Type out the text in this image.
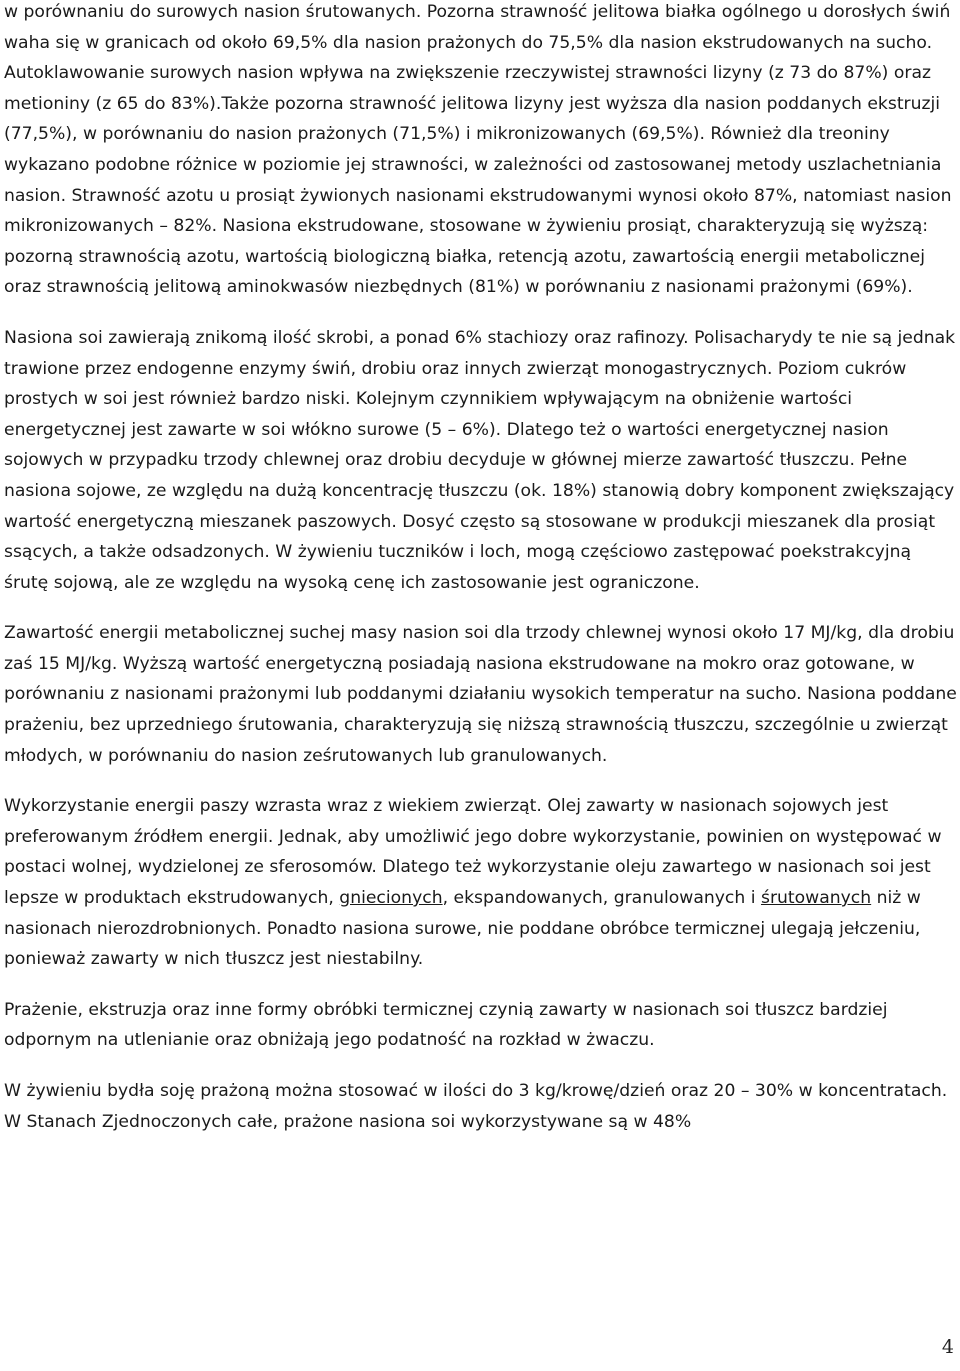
w porównaniu do surowych nasion śrutowanych. Pozorna strawność jelitowa białka ogólnego u dorosłych świń waha się w granicach od około 69,5% dla nasion prażonych do 75,5% dla nasion ekstrudowanych na sucho. Autoklawowanie surowych nasion wpływa na zwiększenie rzeczywistej strawności lizyny (z 73 do 87%) oraz metioniny (z 65 do 83%).Także pozorna strawność jelitowa lizyny jest wyższa dla nasion poddanych ekstruzji (77,5%), w porównaniu do nasion prażonych (71,5%) i mikronizowanych (69,5%). Również dla treoniny wykazano podobne różnice w poziomie jej strawności, w zależności od zastosowanej metody uszlachetniania nasion. Strawność azotu u prosiąt żywionych nasionami ekstrudowanymi wynosi około 87%, natomiast nasion mikronizowanych – 82%. Nasiona ekstrudowane, stosowane w żywieniu prosiąt, charakteryzują się wyższą: pozorną strawnością azotu, wartością biologiczną białka, retencją azotu, zawartością energii metabolicznej oraz strawnością jelitową aminokwasów niezbędnych (81%) w porównaniu z nasionami prażonymi (69%).

Nasiona soi zawierają znikomą ilość skrobi, a ponad 6% stachiozy oraz rafinozy. Polisacharydy te nie są jednak trawione przez endogenne enzymy świń, drobiu oraz innych zwierząt monogastrycznych. Poziom cukrów prostych w soi jest również bardzo niski. Kolejnym czynnikiem wpływającym na obniżenie wartości energetycznej jest zawarte w soi włókno surowe (5 – 6%). Dlatego też o wartości energetycznej nasion sojowych w przypadku trzody chlewnej oraz drobiu decyduje w głównej mierze zawartość tłuszczu. Pełne nasiona sojowe, ze względu na dużą koncentrację tłuszczu (ok. 18%) stanowią dobry komponent zwiększający wartość energetyczną mieszanek paszowych. Dosyć często są stosowane w produkcji mieszanek dla prosiąt ssących, a także odsadzonych. W żywieniu tuczników i loch, mogą częściowo zastępować poekstrakcyjną śrutę sojową, ale ze względu na wysoką cenę ich zastosowanie jest ograniczone.

Zawartość energii metabolicznej suchej masy nasion soi dla trzody chlewnej wynosi około 17 MJ/kg, dla drobiu zaś 15 MJ/kg. Wyższą wartość energetyczną posiadają nasiona ekstrudowane na mokro oraz gotowane, w porównaniu z nasionami prażonymi lub poddanymi działaniu wysokich temperatur na sucho. Nasiona poddane prażeniu, bez uprzedniego śrutowania, charakteryzują się niższą strawnością tłuszczu, szczególnie u zwierząt młodych, w porównaniu do nasion ześrutowanych lub granulowanych.

Wykorzystanie energii paszy wzrasta wraz z wiekiem zwierząt. Olej zawarty w nasionach sojowych jest preferowanym źródłem energii. Jednak, aby umożliwić jego dobre wykorzystanie, powinien on występować w postaci wolnej, wydzielonej ze sferosomów. Dlatego też wykorzystanie oleju zawartego w nasionach soi jest lepsze w produktach ekstrudowanych, gniecionych, ekspandowanych, granulowanych i śrutowanych niż w nasionach nierozdrobnionych. Ponadto nasiona surowe, nie poddane obróbce termicznej ulegają jełczeniu, ponieważ zawarty w nich tłuszcz jest niestabilny.

Prażenie, ekstruzja oraz inne formy obróbki termicznej czynią zawarty w nasionach soi tłuszcz bardziej odpornym na utlenianie oraz obniżają jego podatność na rozkład w żwaczu.

W żywieniu bydła soję prażoną można stosować w ilości do 3 kg/krowę/dzień oraz 20 – 30% w koncentratach. W Stanach Zjednoczonych całe, prażone nasiona soi wykorzystywane są w 48%

4
